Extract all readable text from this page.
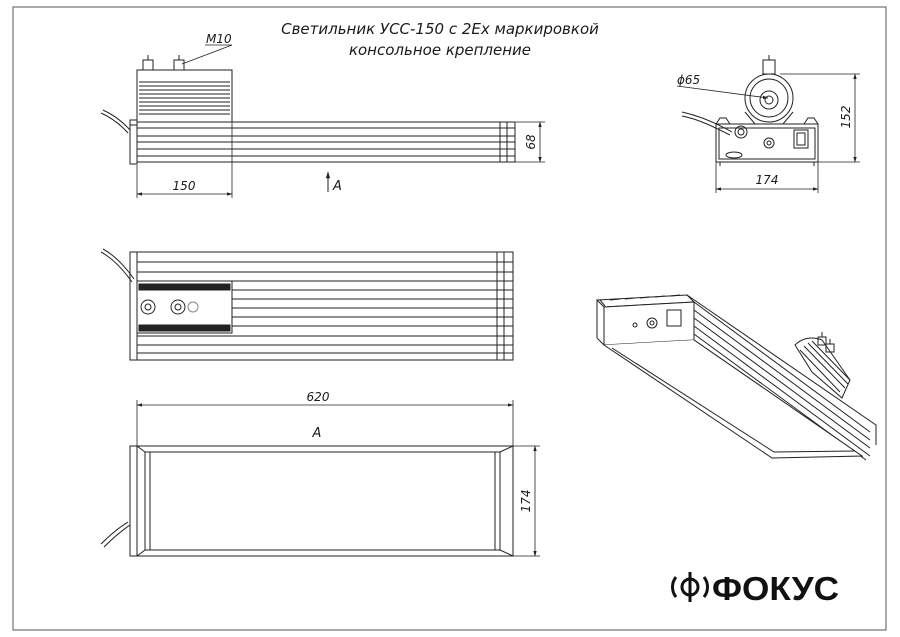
Светильник УСС-150 с 2Ex маркировкой
консольное крепление
M10
150
68
A
ϕ65
152
174
A
620
174
ФОКУС
